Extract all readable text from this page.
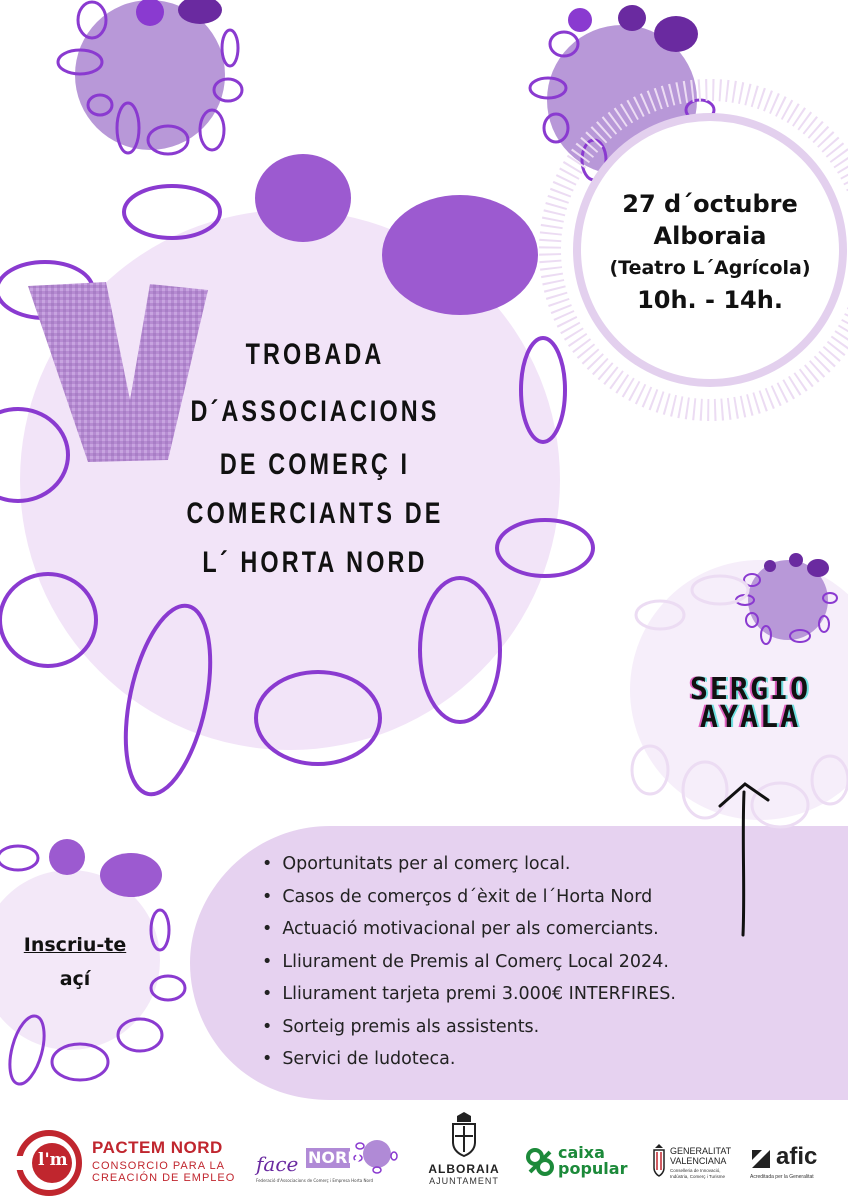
TROBADA
D´ASSOCIACIONS
DE COMERÇ I
COMERCIANTS DE
L´ HORTA NORD
27 d´octubre
Alboraia
(Teatro L´Agrícola)
10h. - 14h.
SERGIO
AYALA
Inscriu-te
açí
• Oportunitats per al comerç local.
• Casos de comerços d´èxit de l´Horta Nord
• Actuació motivacional per als comerciants.
• Lliurament de Premis al Comerç Local 2024.
• Lliurament tarjeta premi 3.000€ INTERFIRES.
• Sorteig premis als assistents.
• Servici de ludoteca.
l'm
PACTEM NORD
CONSORCIO PARA LA
CREACIÓN DE EMPLEO
face NORD
Federació d'Associacions de Comerç i Empresa Horta Nord
ALBORAIA
AJUNTAMENT
caixa
popular
GENERALITAT
VALENCIANA
Conselleria de Innovació,
Indústria, Comerç i Turisme
afic
Acreditada per la Generalitat
